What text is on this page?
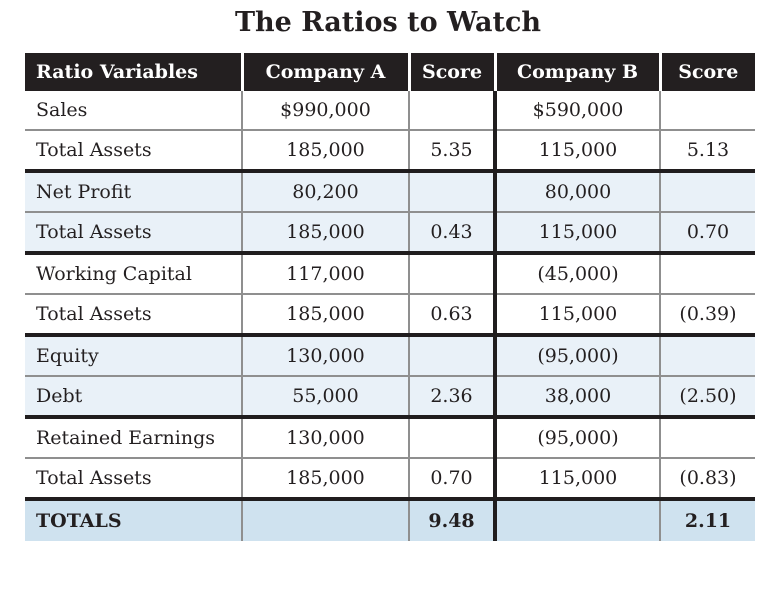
The Ratios to Watch
Ratio Variables	Company A	Score	Company B	Score
Sales	$990,000		$590,000	
Total Assets	185,000	5.35	115,000	5.13
Net Profit	80,200		80,000	
Total Assets	185,000	0.43	115,000	0.70
Working Capital	117,000		(45,000)	
Total Assets	185,000	0.63	115,000	(0.39)
Equity	130,000		(95,000)	
Debt	55,000	2.36	38,000	(2.50)
Retained Earnings	130,000		(95,000)	
Total Assets	185,000	0.70	115,000	(0.83)
TOTALS		9.48		2.11
